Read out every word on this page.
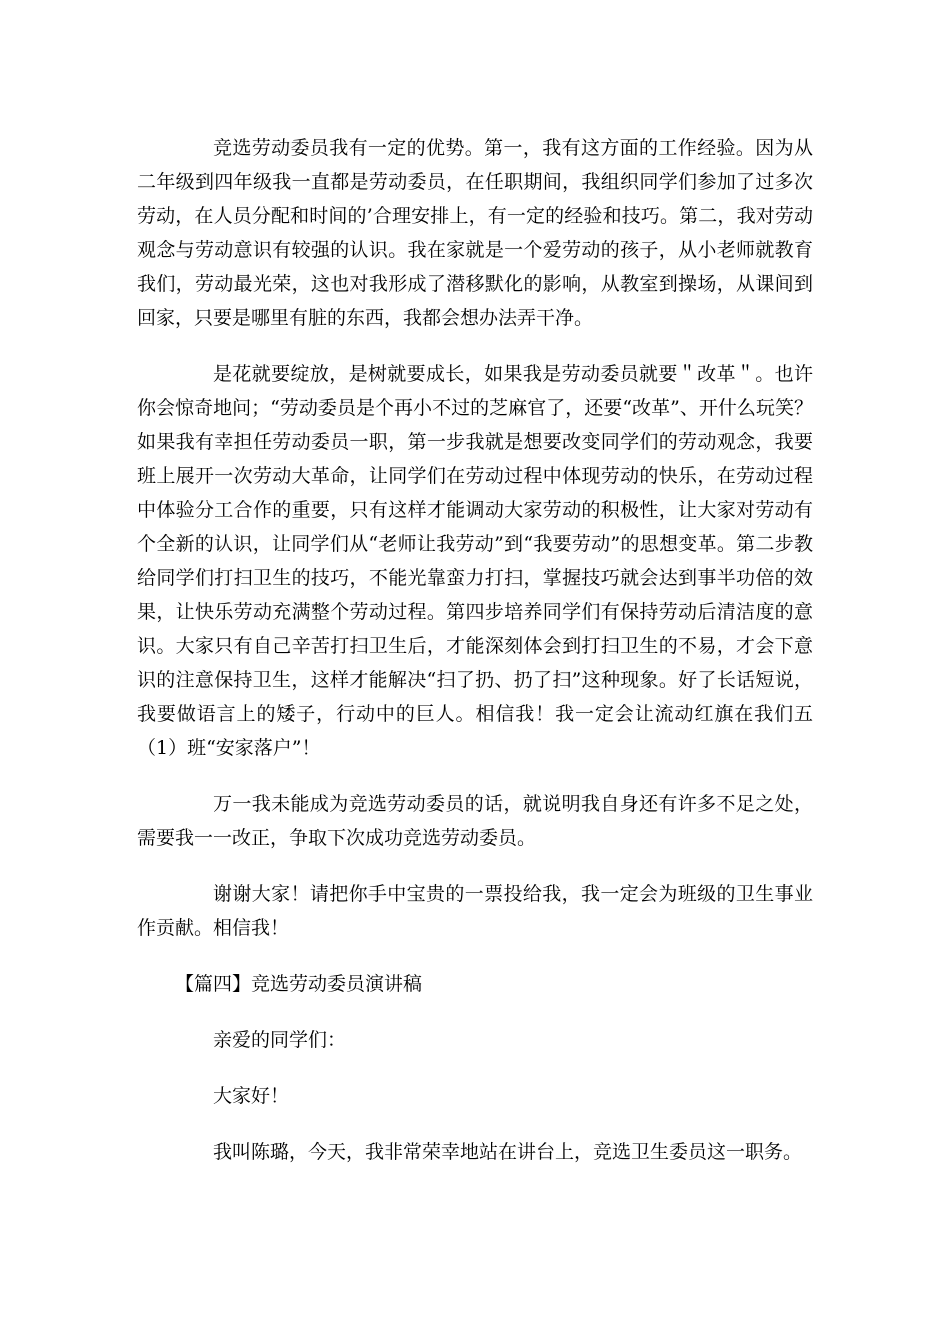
竞选劳动委员我有一定的优势。第一，我有这方面的工作经验。因为从二年级到四年级我一直都是劳动委员，在任职期间，我组织同学们参加了过多次劳动，在人员分配和时间的’合理安排上，有一定的经验和技巧。第二，我对劳动观念与劳动意识有较强的认识。我在家就是一个爱劳动的孩子，从小老师就教育我们，劳动最光荣，这也对我形成了潜移默化的影响，从教室到操场，从课间到回家，只要是哪里有脏的东西，我都会想办法弄干净。

是花就要绽放，是树就要成长，如果我是劳动委员就要＂改革＂。也许你会惊奇地问；“劳动委员是个再小不过的芝麻官了，还要“改革”、开什么玩笑？如果我有幸担任劳动委员一职，第一步我就是想要改变同学们的劳动观念，我要班上展开一次劳动大革命，让同学们在劳动过程中体现劳动的快乐，在劳动过程中体验分工合作的重要，只有这样才能调动大家劳动的积极性，让大家对劳动有个全新的认识，让同学们从“老师让我劳动”到“我要劳动”的思想变革。第二步教给同学们打扫卫生的技巧，不能光靠蛮力打扫，掌握技巧就会达到事半功倍的效果，让快乐劳动充满整个劳动过程。第四步培养同学们有保持劳动后清洁度的意识。大家只有自己辛苦打扫卫生后，才能深刻体会到打扫卫生的不易，才会下意识的注意保持卫生，这样才能解决“扫了扔、扔了扫”这种现象。好了长话短说，我要做语言上的矮子，行动中的巨人。相信我！我一定会让流动红旗在我们五（1）班“安家落户”！

万一我未能成为竞选劳动委员的话，就说明我自身还有许多不足之处，需要我一一改正，争取下次成功竞选劳动委员。

谢谢大家！请把你手中宝贵的一票投给我，我一定会为班级的卫生事业作贡献。相信我！

【篇四】竞选劳动委员演讲稿

亲爱的同学们：

大家好！

我叫陈璐，今天，我非常荣幸地站在讲台上，竞选卫生委员这一职务。
